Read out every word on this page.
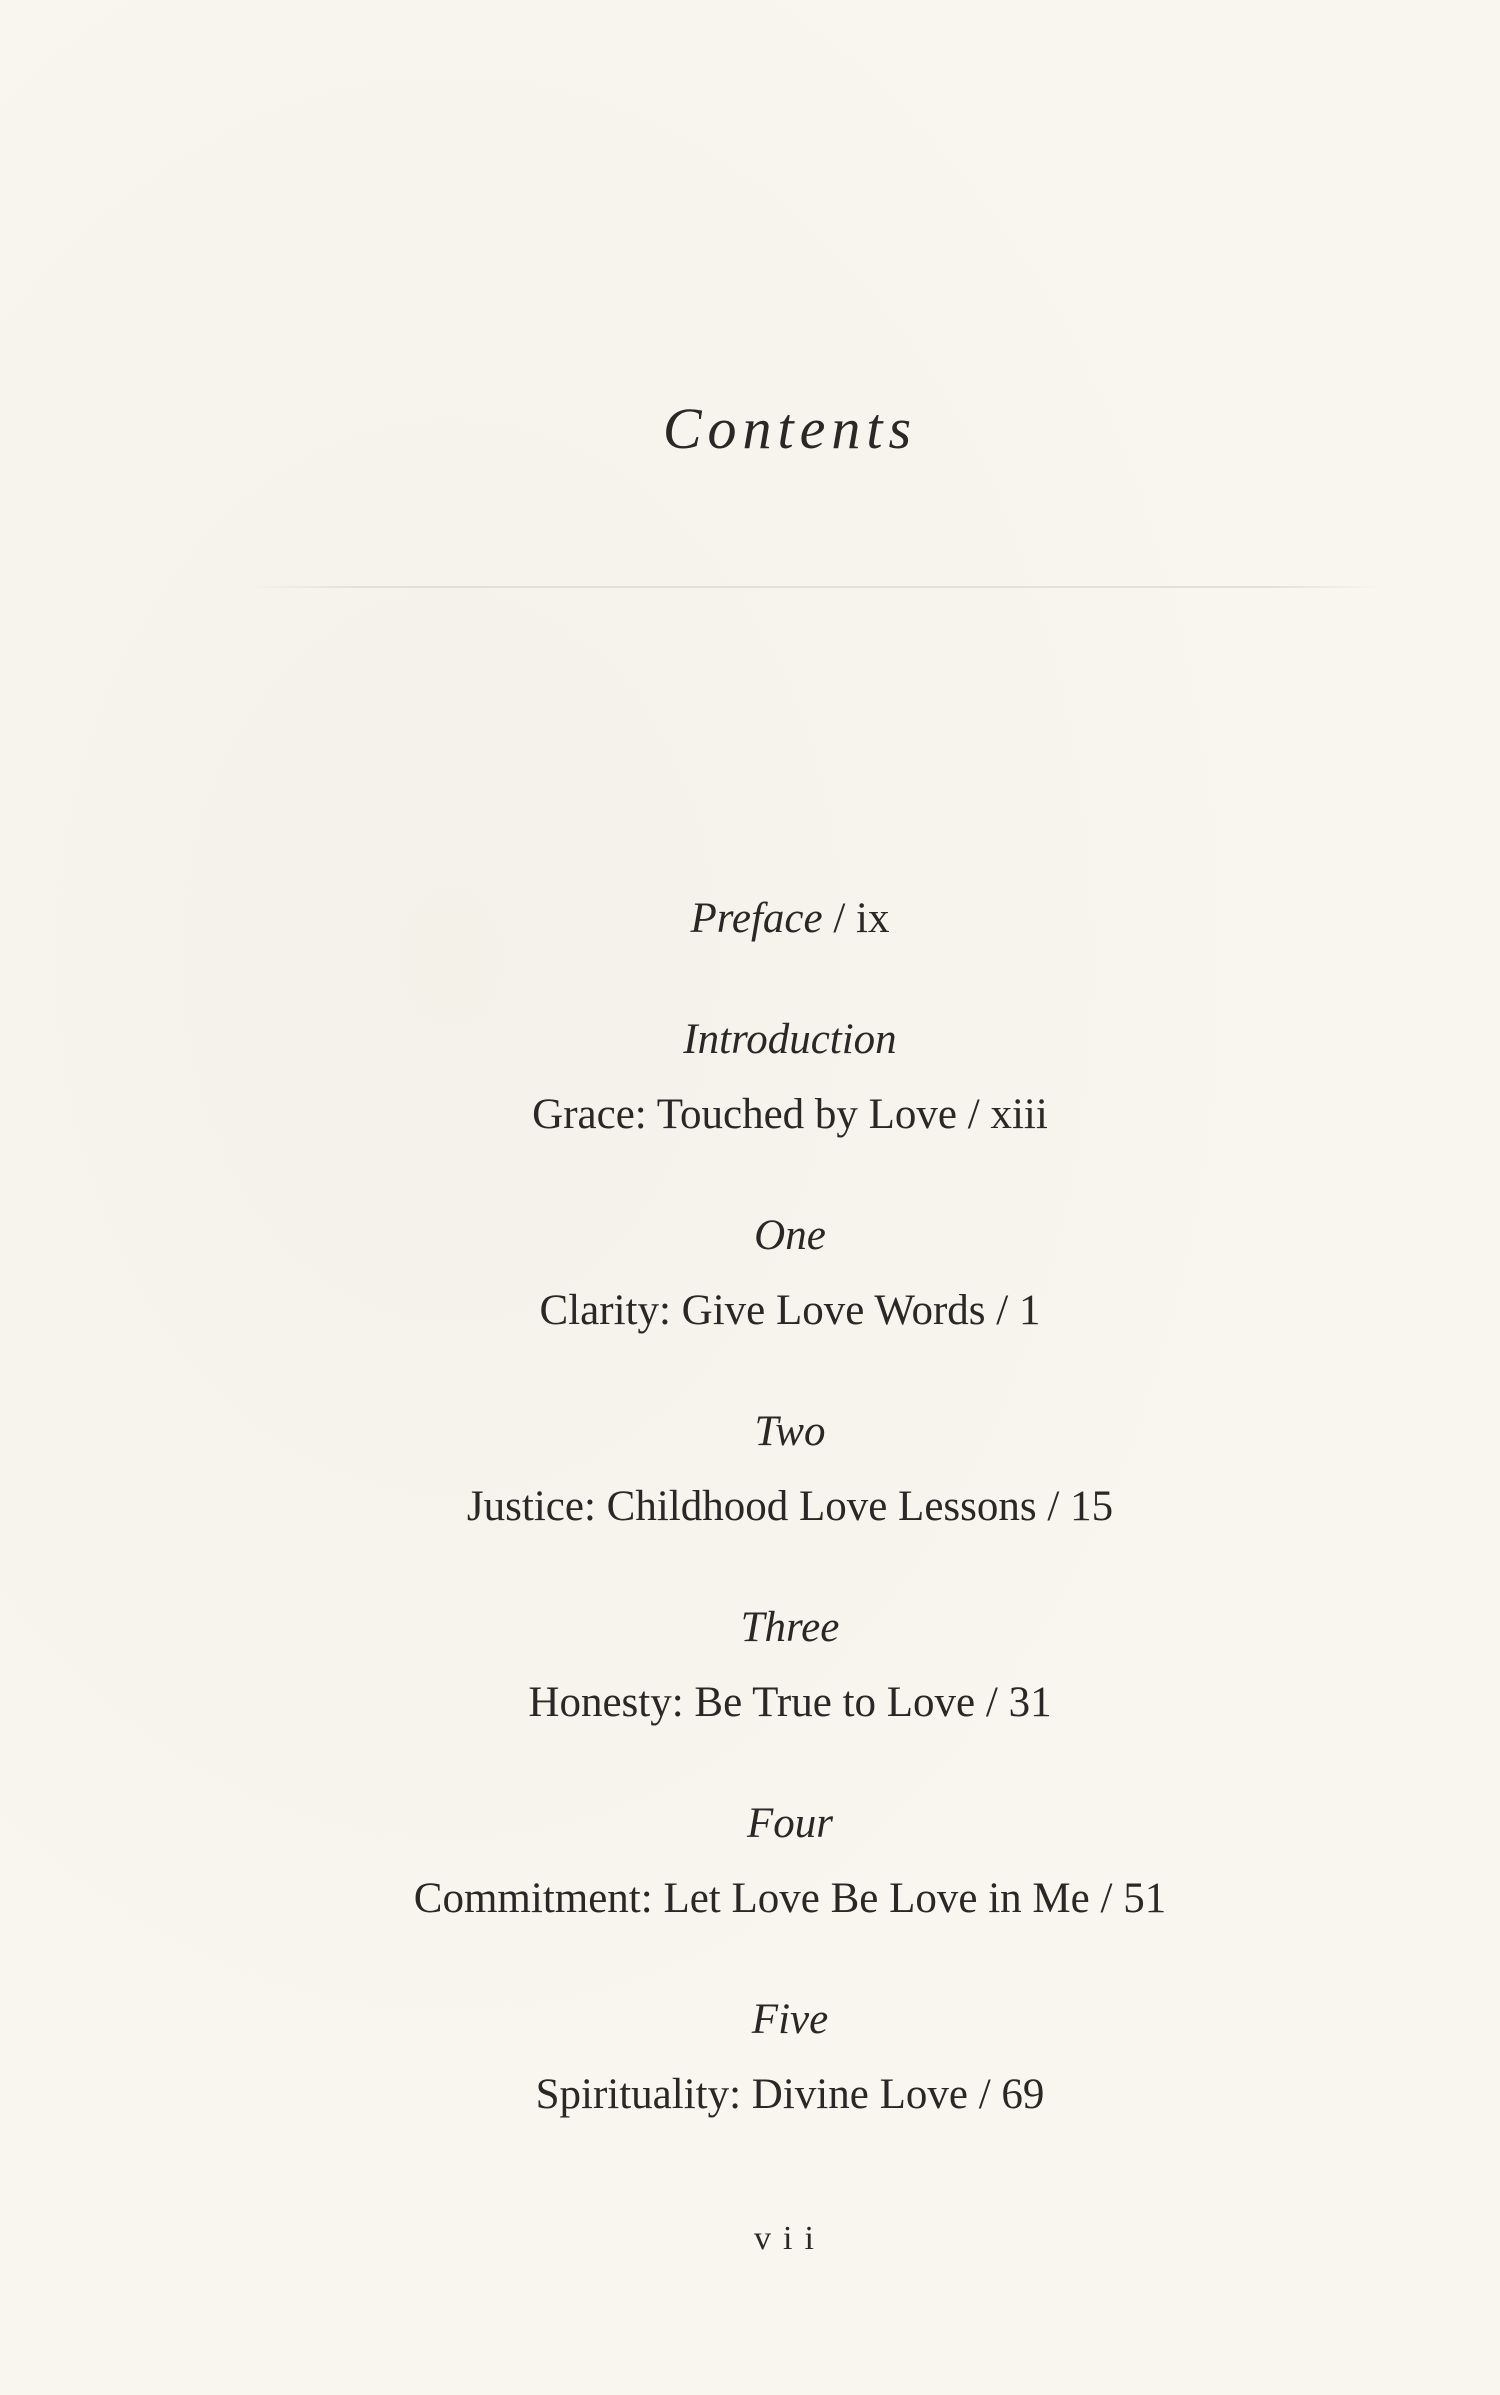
Contents
Preface / ix
Introduction
Grace: Touched by Love / xiii
One
Clarity: Give Love Words / 1
Two
Justice: Childhood Love Lessons / 15
Three
Honesty: Be True to Love / 31
Four
Commitment: Let Love Be Love in Me / 51
Five
Spirituality: Divine Love / 69
vii
